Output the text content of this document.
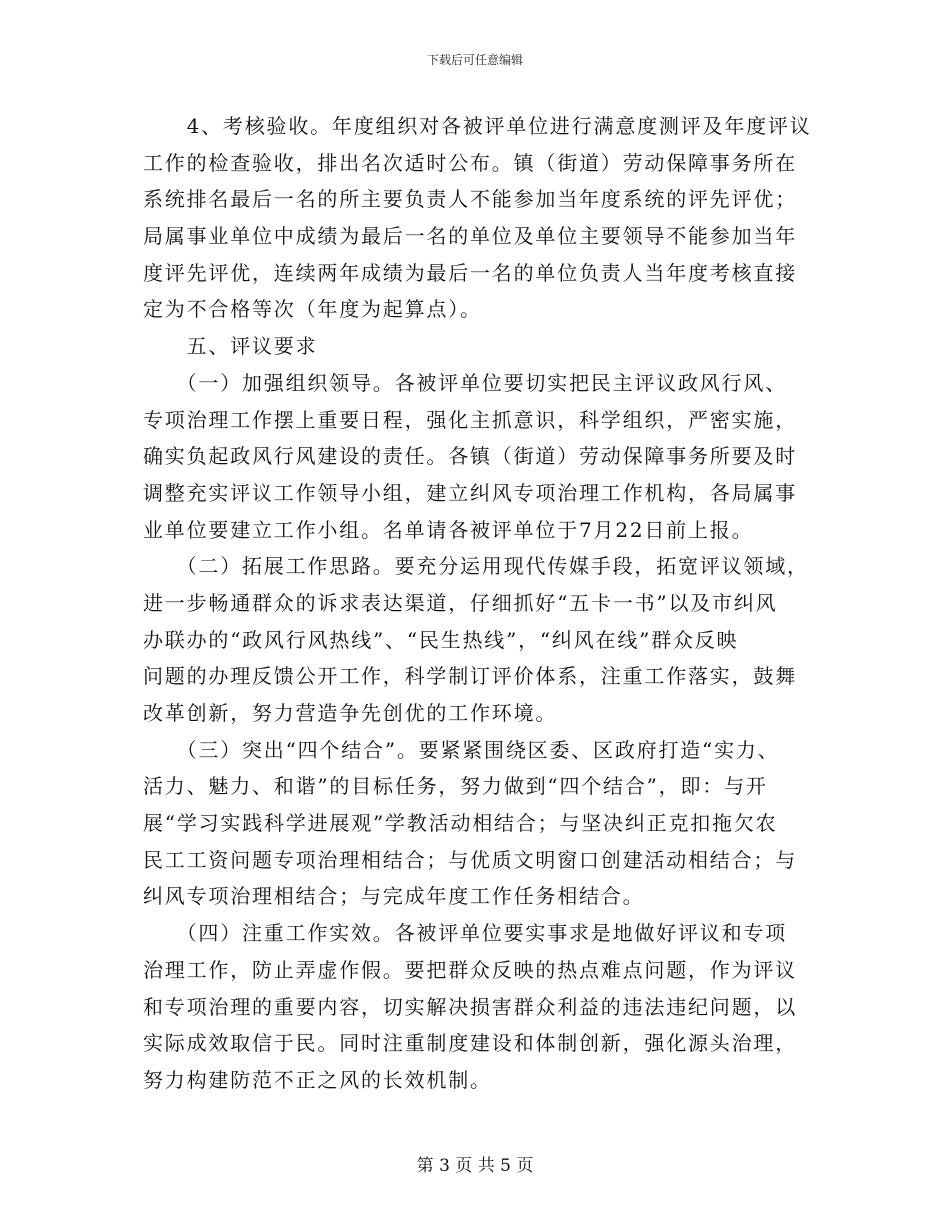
下载后可任意编辑
　　4、考核验收。年度组织对各被评单位进行满意度测评及年度评议
工作的检查验收，排出名次适时公布。镇（街道）劳动保障事务所在
系统排名最后一名的所主要负责人不能参加当年度系统的评先评优；
局属事业单位中成绩为最后一名的单位及单位主要领导不能参加当年
度评先评优，连续两年成绩为最后一名的单位负责人当年度考核直接
定为不合格等次（年度为起算点）。
　　五、评议要求
　　（一）加强组织领导。各被评单位要切实把民主评议政风行风、
专项治理工作摆上重要日程，强化主抓意识，科学组织，严密实施，
确实负起政风行风建设的责任。各镇（街道）劳动保障事务所要及时
调整充实评议工作领导小组，建立纠风专项治理工作机构，各局属事
业单位要建立工作小组。名单请各被评单位于7月22日前上报。
　　（二）拓展工作思路。要充分运用现代传媒手段，拓宽评议领域，
进一步畅通群众的诉求表达渠道，仔细抓好“五卡一书”以及市纠风
办联办的“政风行风热线”、“民生热线”，“纠风在线”群众反映
问题的办理反馈公开工作，科学制订评价体系，注重工作落实，鼓舞
改革创新，努力营造争先创优的工作环境。
　　（三）突出“四个结合”。要紧紧围绕区委、区政府打造“实力、
活力、魅力、和谐”的目标任务，努力做到“四个结合”，即：与开
展“学习实践科学进展观”学教活动相结合；与坚决纠正克扣拖欠农
民工工资问题专项治理相结合；与优质文明窗口创建活动相结合；与
纠风专项治理相结合；与完成年度工作任务相结合。
　　（四）注重工作实效。各被评单位要实事求是地做好评议和专项
治理工作，防止弄虚作假。要把群众反映的热点难点问题，作为评议
和专项治理的重要内容，切实解决损害群众利益的违法违纪问题，以
实际成效取信于民。同时注重制度建设和体制创新，强化源头治理，
努力构建防范不正之风的长效机制。
第 3 页 共 5 页
